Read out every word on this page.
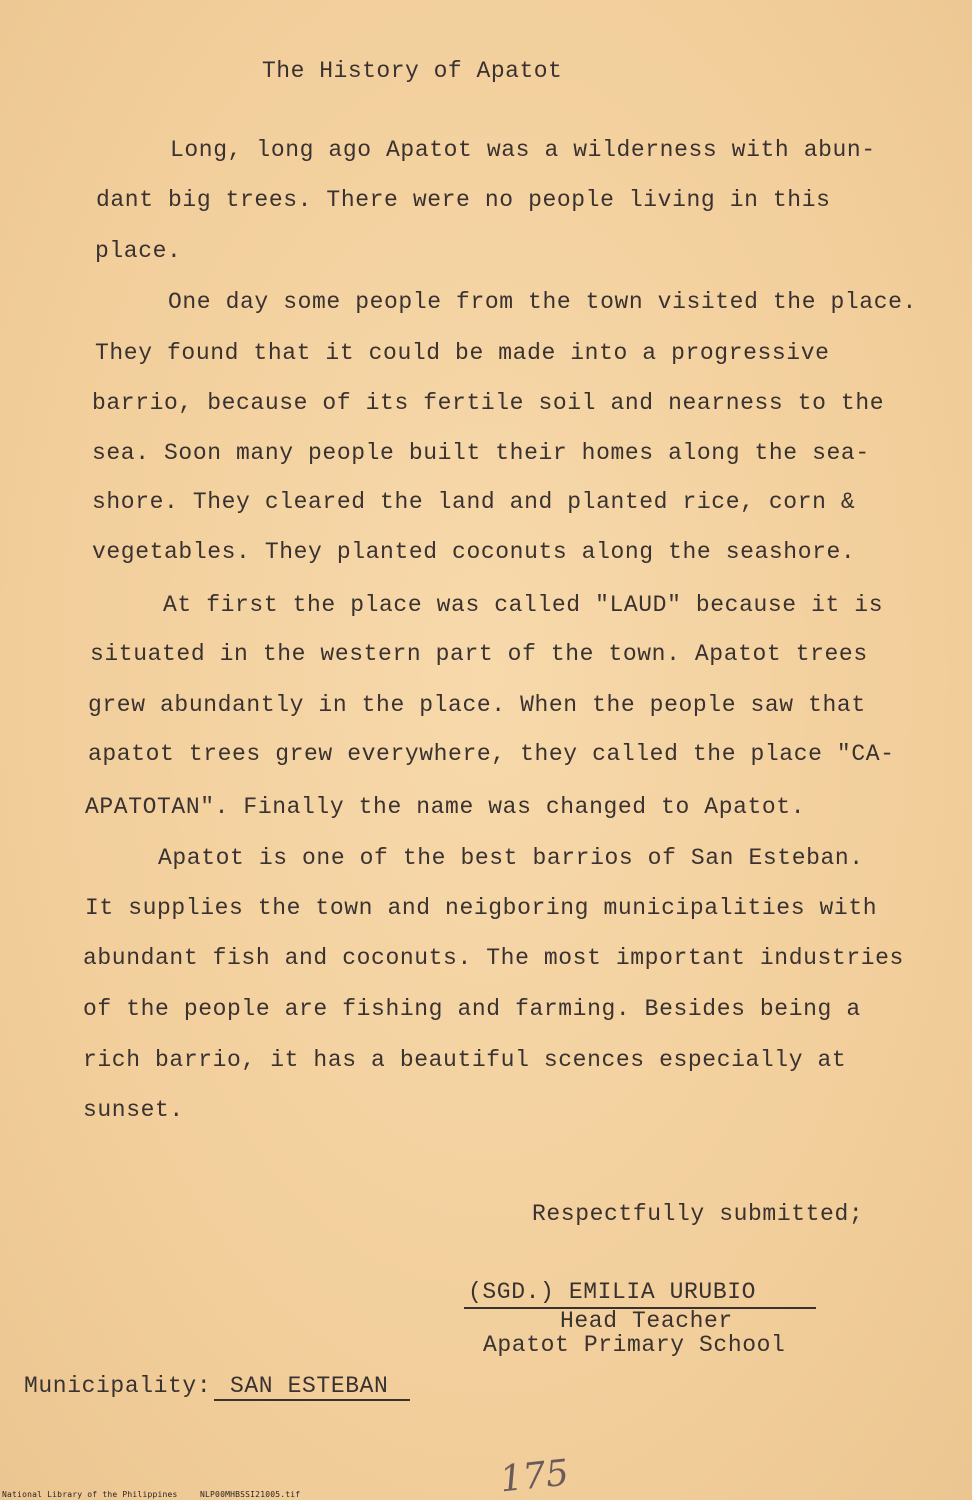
The History of Apatot
Long, long ago Apatot was a wilderness with abun-
dant big trees. There were no people living in this
place.
One day some people from the town visited the place.
They found that it could be made into a progressive
barrio, because of its fertile soil and nearness to the
sea. Soon many people built their homes along the sea-
shore. They cleared the land and planted rice, corn &
vegetables. They planted coconuts along the seashore.
At first the place was called "LAUD" because it is
situated in the western part of the town. Apatot trees
grew abundantly in the place. When the people saw that
apatot trees grew everywhere, they called the place "CA-
APATOTAN". Finally the name was changed to Apatot.
Apatot is one of the best barrios of San Esteban.
It supplies the town and neigboring municipalities with
abundant fish and coconuts. The most important industries
of the people are fishing and farming. Besides being a
rich barrio, it has a beautiful scences especially at
sunset.
Respectfully submitted;
(SGD.) EMILIA URUBIO
Head Teacher
Apatot Primary School
Municipality: SAN ESTEBAN
175
National Library of the Philippines	NLP00MHBSSI21005.tif
